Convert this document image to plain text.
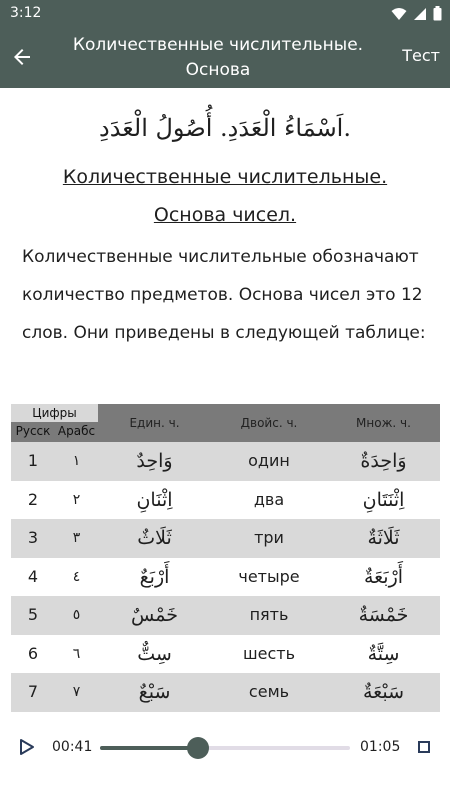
3:12
Количественные числительные. Основа
чисел.
Тест
.اَسْمَاءُ الْعَدَدِ. أُصُولُ الْعَدَدِ
Количественные числительные.
Основа чисел.
Количественные числительные обозначают количество предметов. Основа чисел это 12 слов. Они приведены в следующей таблице:
Цифры
Русск Арабс
Един. ч.	Двойс. ч.	Множ. ч.
1	١	وَاحِدٌ	один	وَاحِدَةٌ
2	٢	اِثْنَانِ	два	اِثْنَتَانِ
3	٣	ثَلَاثٌ	три	ثَلَاثَةٌ
4	٤	أَرْبَعٌ	четыре	أَرْبَعَةٌ
5	٥	خَمْسٌ	пять	خَمْسَةٌ
6	٦	سِتٌّ	шесть	سِتَّةٌ
7	٧	سَبْعٌ	семь	سَبْعَةٌ
00:41	01:05
